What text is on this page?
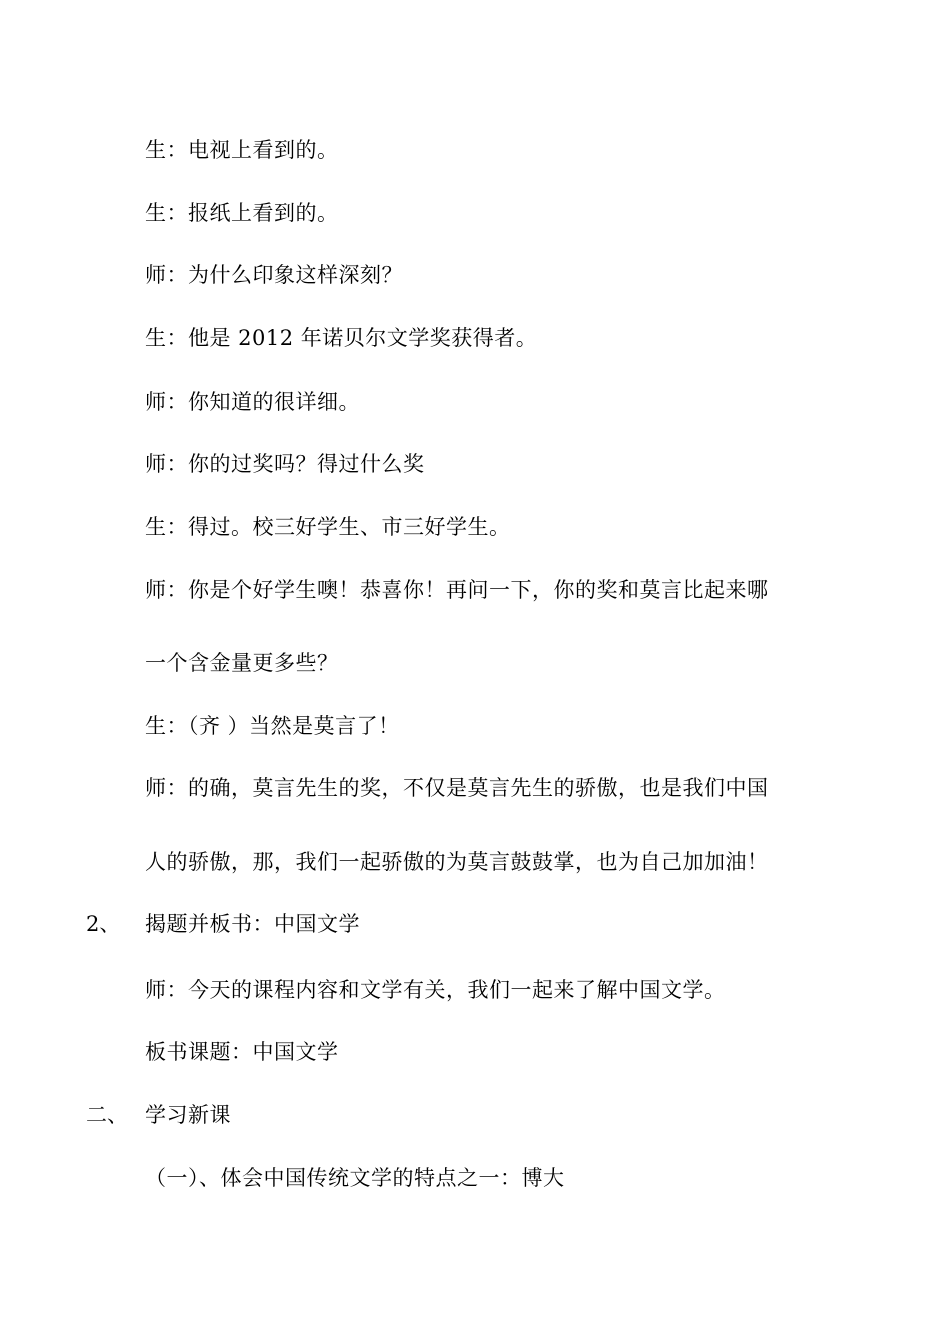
生：电视上看到的。
生：报纸上看到的。
师：为什么印象这样深刻？
生：他是 2012 年诺贝尔文学奖获得者。
师：你知道的很详细。
师：你的过奖吗？得过什么奖
生：得过。校三好学生、市三好学生。
师：你是个好学生噢！恭喜你！再问一下，你的奖和莫言比起来哪
一个含金量更多些？
生：（齐 ）当然是莫言了！
师：的确，莫言先生的奖，不仅是莫言先生的骄傲，也是我们中国
人的骄傲，那，我们一起骄傲的为莫言鼓鼓掌，也为自己加加油！
2、 揭题并板书：中国文学
师：今天的课程内容和文学有关，我们一起来了解中国文学。
板书课题：中国文学
二、 学习新课
（一）、体会中国传统文学的特点之一：博大
